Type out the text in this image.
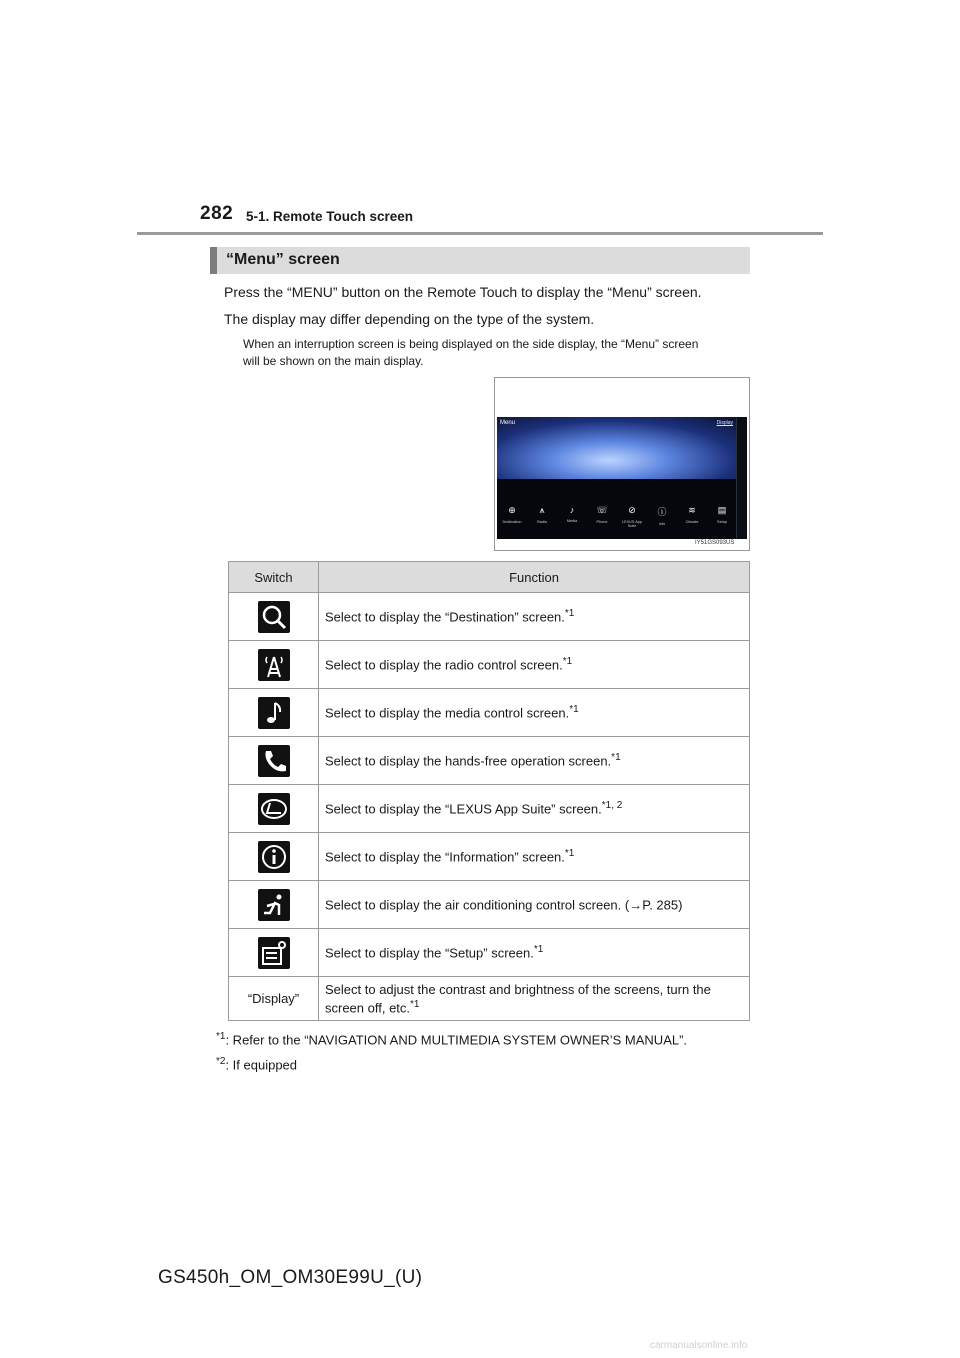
282 5-1. Remote Touch screen
“Menu” screen
Press the “MENU” button on the Remote Touch to display the “Menu” screen.
The display may differ depending on the type of the system.
When an interruption screen is being displayed on the side display, the “Menu” screen
will be shown on the main display.
Menu	Display
⊕
Destination
⩚
Radio
♪
Media
☏
Phone
⊘
LEXUS App Suite
ⓘ
Info
≋
Climate
▤
Setup
IY51GS093US
Switch	Function

	Select to display the “Destination” screen.$^{*1}$

	Select to display the radio control screen.$^{*1}$

	Select to display the media control screen.$^{*1}$

	Select to display the hands-free operation screen.$^{*1}$

	Select to display the “LEXUS App Suite” screen.$^{*1, 2}$

	Select to display the “Information” screen.$^{*1}$

	Select to display the air conditioning control screen. (→P. 285)

	Select to display the “Setup” screen.$^{*1}$
“Display”	Select to adjust the contrast and brightness of the screens, turn the
screen off, etc.$^{*1}$
$^{*1}$: Refer to the “NAVIGATION AND MULTIMEDIA SYSTEM OWNER’S MANUAL”.
$^{*2}$: If equipped
GS450h_OM_OM30E99U_(U)
carmanualsonline.info
